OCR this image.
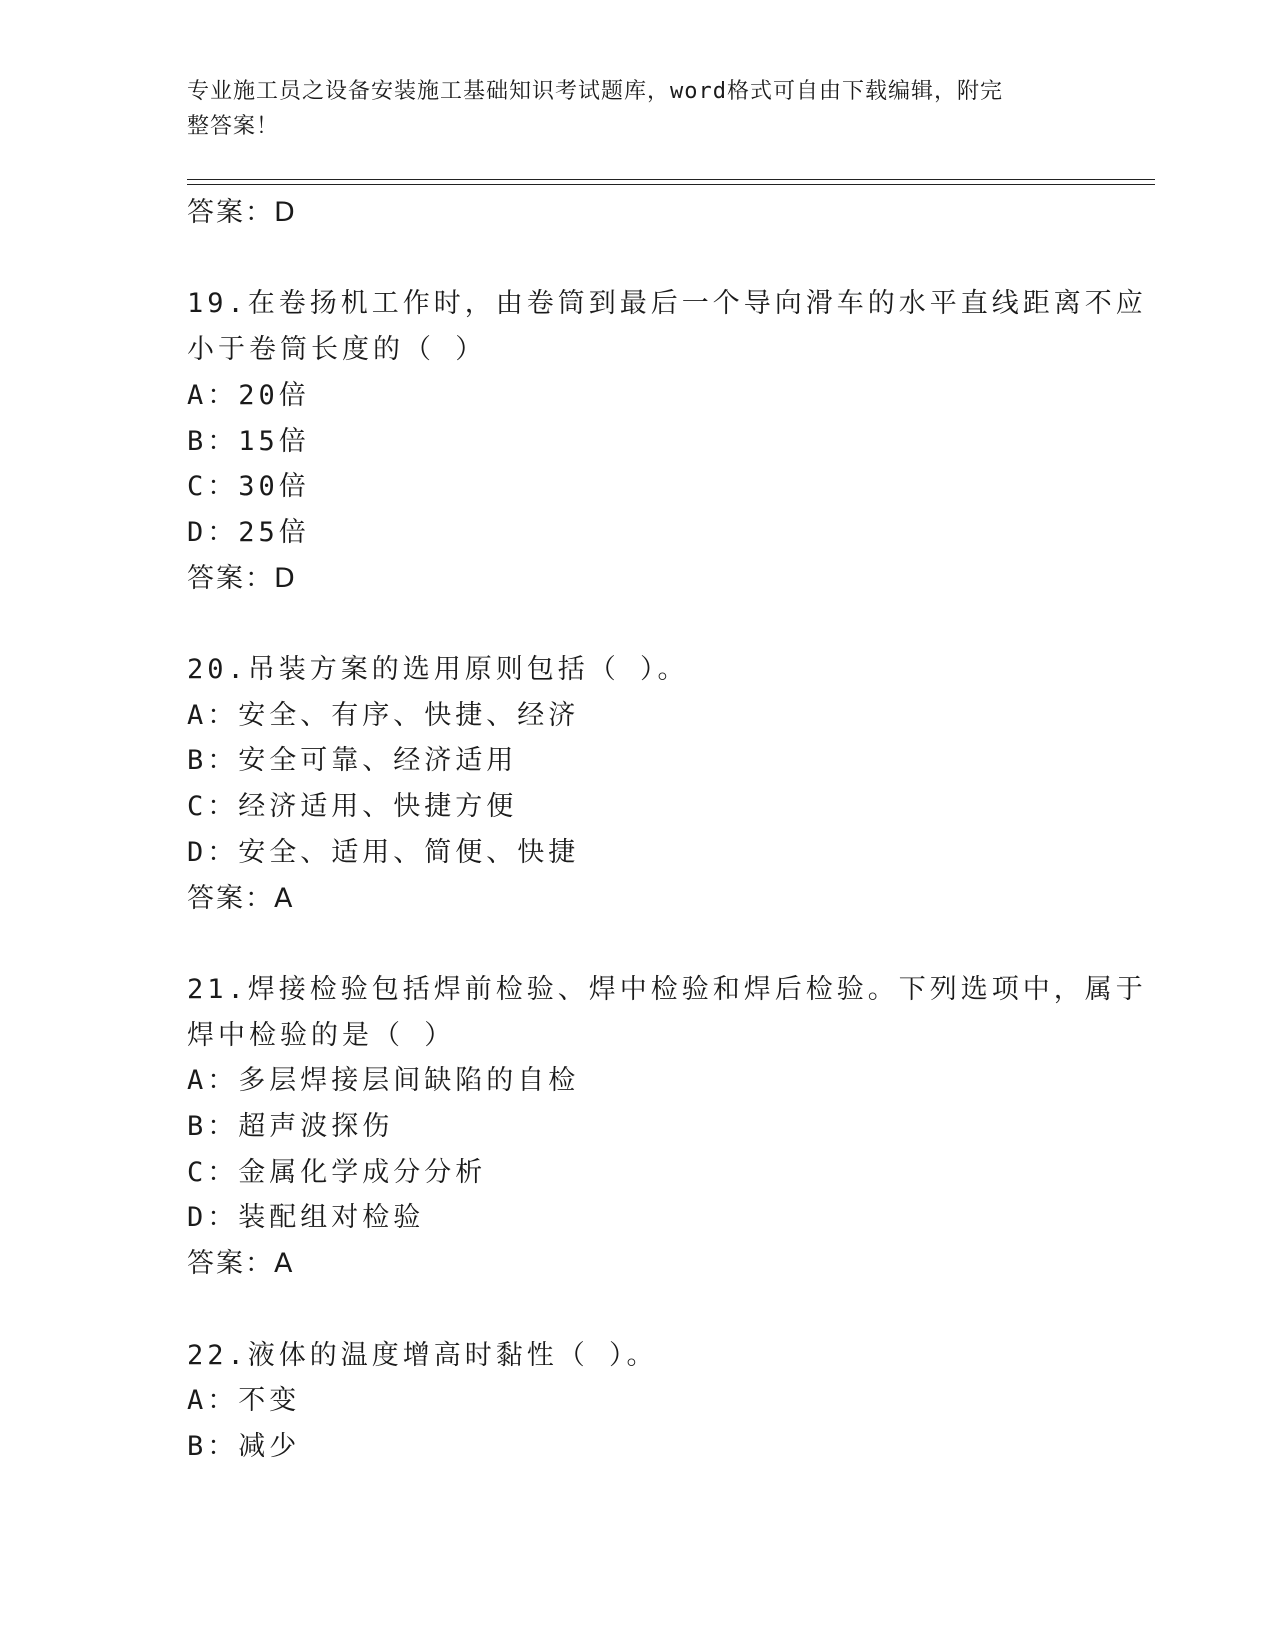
专业施工员之设备安装施工基础知识考试题库，word格式可自由下载编辑，附完
整答案！
答案：D
19.在卷扬机工作时，由卷筒到最后一个导向滑车的水平直线距离不应
小于卷筒长度的（ ）
A：20倍
B：15倍
C：30倍
D：25倍
答案：D
20.吊装方案的选用原则包括（ ）。
A：安全、有序、快捷、经济
B：安全可靠、经济适用
C：经济适用、快捷方便
D：安全、适用、简便、快捷
答案：A
21.焊接检验包括焊前检验、焊中检验和焊后检验。下列选项中，属于
焊中检验的是（ ）
A：多层焊接层间缺陷的自检
B：超声波探伤
C：金属化学成分分析
D：装配组对检验
答案：A
22.液体的温度增高时黏性（ ）。
A：不变
B：减少
